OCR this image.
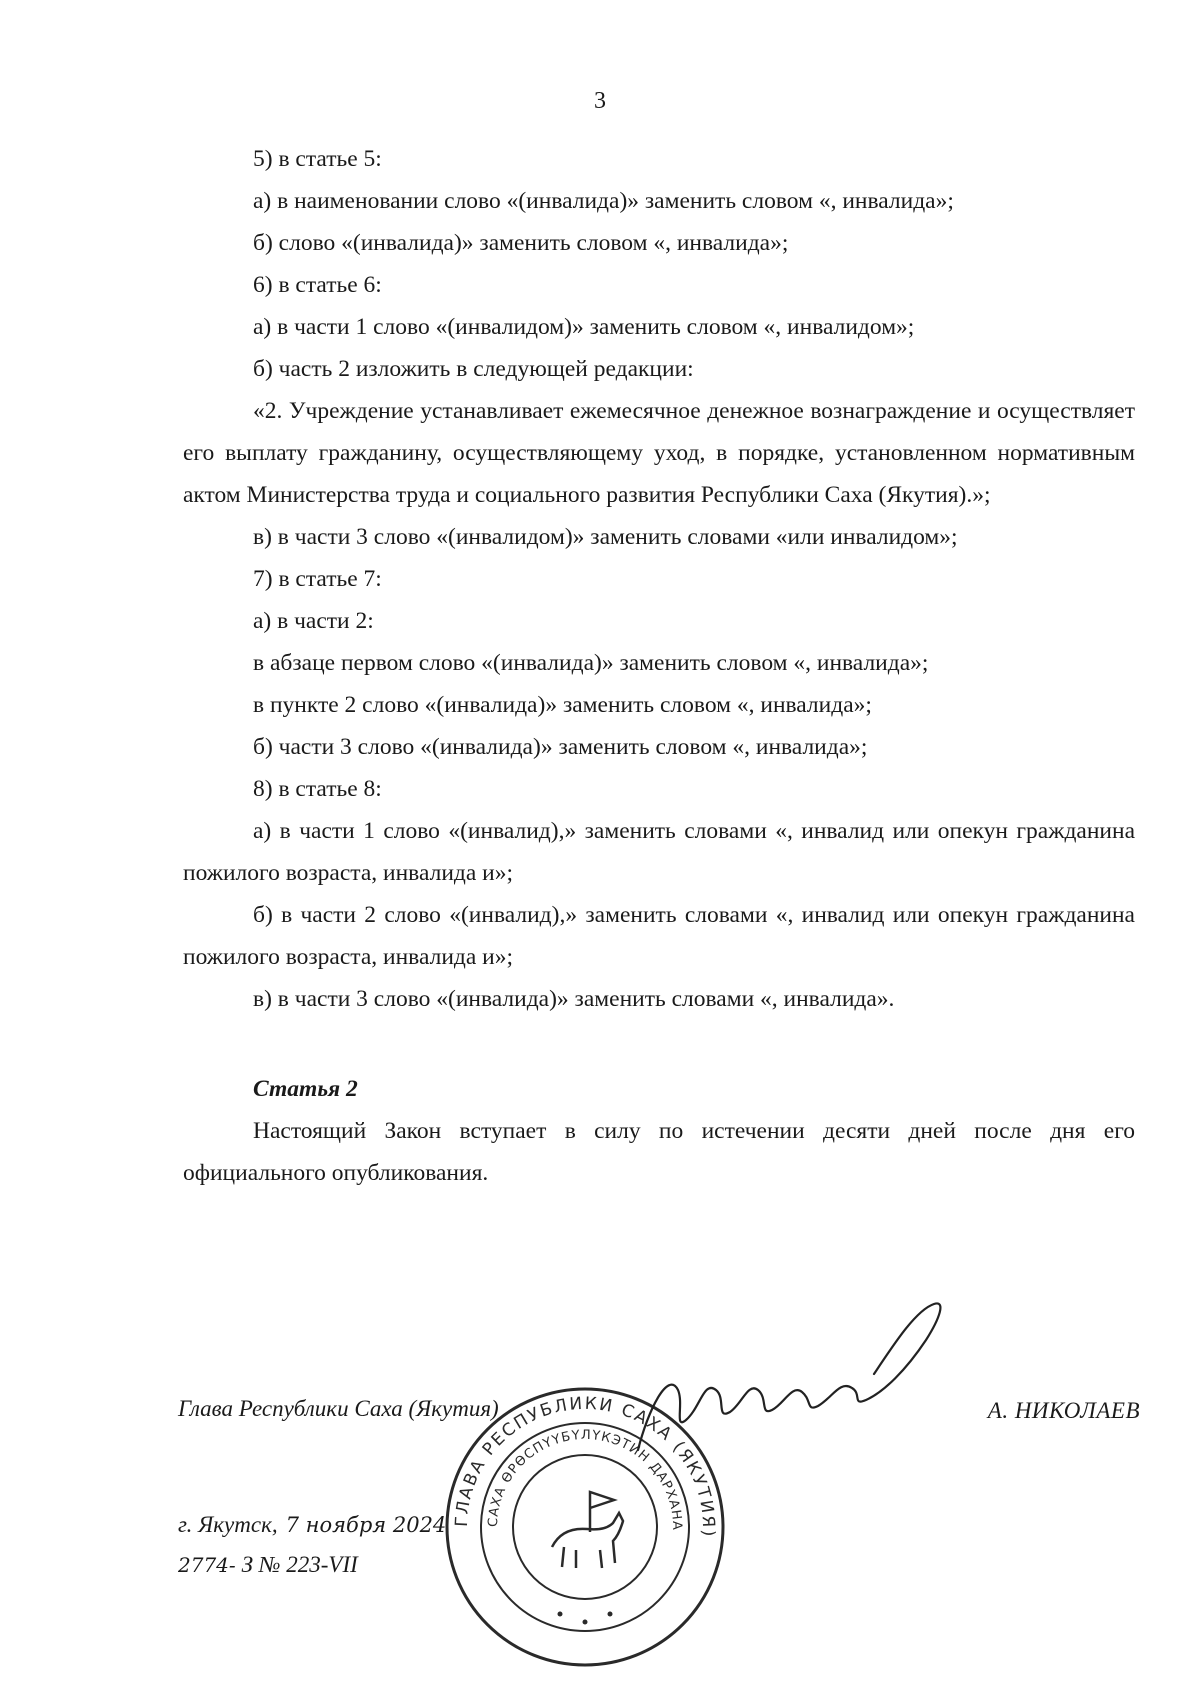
3

5) в статье 5:

а) в наименовании слово «(инвалида)» заменить словом «, инвалида»;

б) слово «(инвалида)» заменить словом «, инвалида»;

6) в статье 6:

а) в части 1 слово «(инвалидом)» заменить словом «, инвалидом»;

б) часть 2 изложить в следующей редакции:

«2. Учреждение устанавливает ежемесячное денежное вознаграждение и осуществляет его выплату гражданину, осуществляющему уход, в порядке, установленном нормативным актом Министерства труда и социального развития Республики Саха (Якутия).»;

в) в части 3 слово «(инвалидом)» заменить словами «или инвалидом»;

7) в статье 7:

а) в части 2:

в абзаце первом слово «(инвалида)» заменить словом «, инвалида»;

в пункте 2 слово «(инвалида)» заменить словом «, инвалида»;

б) части 3 слово «(инвалида)» заменить словом «, инвалида»;

8) в статье 8:

а) в части 1 слово «(инвалид),» заменить словами «, инвалид или опекун гражданина пожилого возраста, инвалида и»;

б) в части 2 слово «(инвалид),» заменить словами «, инвалид или опекун гражданина пожилого возраста, инвалида и»;

в) в части 3 слово «(инвалида)» заменить словами «, инвалида».

Статья 2

Настоящий Закон вступает в силу по истечении десяти дней после дня его официального опубликования.

Глава Республики Саха (Якутия)	А. НИКОЛАЕВ
г. Якутск, 7 ноября 2024
2774- З № 223-VII
ГЛАВА РЕСПУБЛИКИ САХА (ЯКУТИЯ)
САХА ӨРӨСПҮҮБҮЛҮКЭТИН ДАРХАНА
